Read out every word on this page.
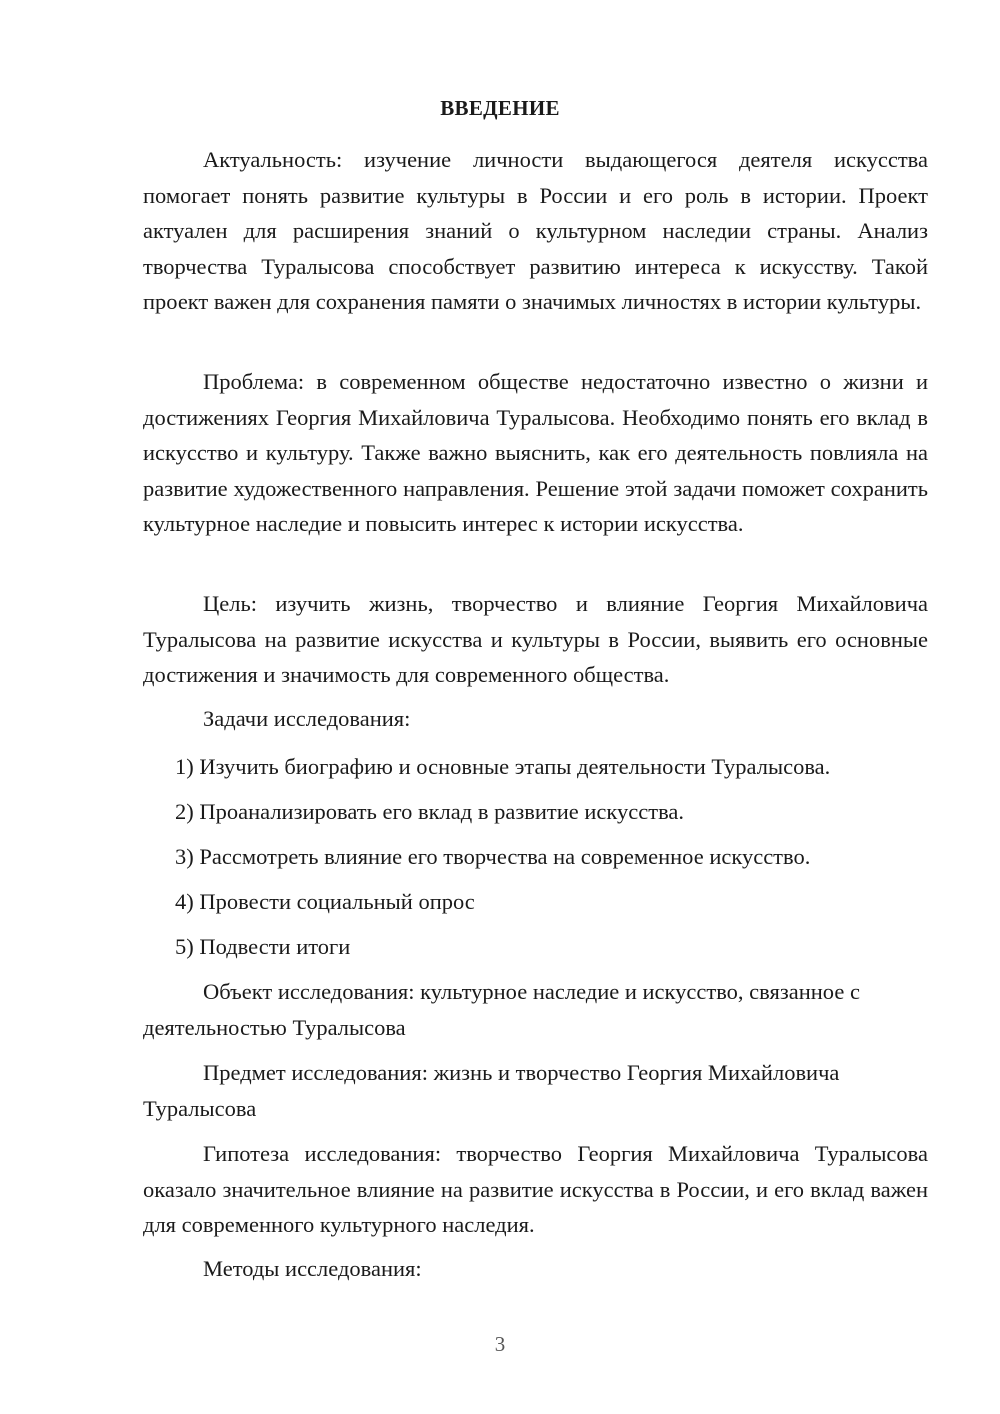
ВВЕДЕНИЕ

Актуальность: изучение личности выдающегося деятеля искусства помогает понять развитие культуры в России и его роль в истории. Проект актуален для расширения знаний о культурном наследии страны. Анализ творчества Туралысова способствует развитию интереса к искусству. Такой проект важен для сохранения памяти о значимых личностях в истории культуры.

Проблема: в современном обществе недостаточно известно о жизни и достижениях Георгия Михайловича Туралысова. Необходимо понять его вклад в искусство и культуру. Также важно выяснить, как его деятельность повлияла на развитие художественного направления. Решение этой задачи поможет сохранить культурное наследие и повысить интерес к истории искусства.

Цель: изучить жизнь, творчество и влияние Георгия Михайловича Туралысова на развитие искусства и культуры в России, выявить его основные достижения и значимость для современного общества.

Задачи исследования:

1) Изучить биографию и основные этапы деятельности Туралысова.

2) Проанализировать его вклад в развитие искусства.

3) Рассмотреть влияние его творчества на современное искусство.

4) Провести социальный опрос

5) Подвести итоги

Объект исследования: культурное наследие и искусство, связанное с деятельностью Туралысова

Предмет исследования: жизнь и творчество Георгия Михайловича Туралысова

Гипотеза исследования: творчество Георгия Михайловича Туралысова оказало значительное влияние на развитие искусства в России, и его вклад важен для современного культурного наследия.

Методы исследования:

3
